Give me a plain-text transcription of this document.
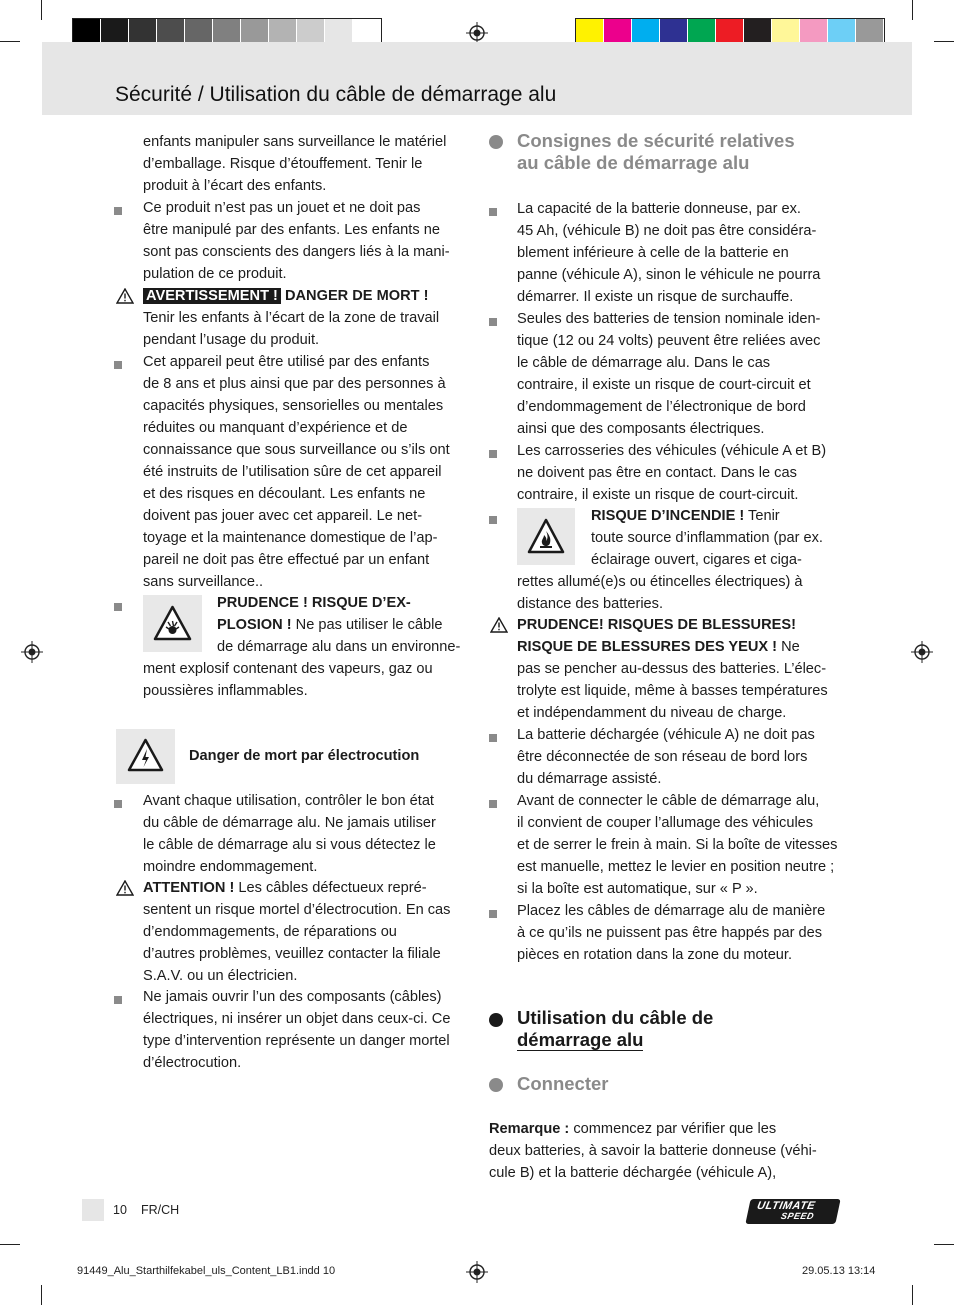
Sécurité / Utilisation du câble de démarrage alu
enfants manipuler sans surveillance le matériel
d’emballage. Risque d’étouffement. Tenir le
produit à l’écart des enfants.
Ce produit n’est pas un jouet et ne doit pas
être manipulé par des enfants. Les enfants ne
sont pas conscients des dangers liés à la mani-
pulation de ce produit.
AVERTISSEMENT ! DANGER DE MORT !
Tenir les enfants à l’écart de la zone de travail
pendant l’usage du produit.
Cet appareil peut être utilisé par des enfants
de 8 ans et plus ainsi que par des personnes à
capacités physiques, sensorielles ou mentales
réduites ou manquant d’expérience et de
connaissance que sous surveillance ou s’ils ont
été instruits de l’utilisation sûre de cet appareil
et des risques en découlant. Les enfants ne
doivent pas jouer avec cet appareil. Le net-
toyage et la maintenance domestique de l’ap-
pareil ne doit pas être effectué par un enfant
sans surveillance..
PRUDENCE ! RISQUE D’EX-
PLOSION ! Ne pas utiliser le câble
de démarrage alu dans un environne-
ment explosif contenant des vapeurs, gaz ou
poussières inflammables.
Danger de mort par électrocution
Avant chaque utilisation, contrôler le bon état
du câble de démarrage alu. Ne jamais utiliser
le câble de démarrage alu si vous détectez le
moindre endommagement.
ATTENTION ! Les câbles défectueux repré-
sentent un risque mortel d’électrocution. En cas
d’endommagements, de réparations ou
d’autres problèmes, veuillez contacter la filiale
S.A.V. ou un électricien.
Ne jamais ouvrir l’un des composants (câbles)
électriques, ni insérer un objet dans ceux-ci. Ce
type d’intervention représente un danger mortel
d’électrocution.
Consignes de sécurité relatives
au câble de démarrage alu
La capacité de la batterie donneuse, par ex.
45 Ah, (véhicule B) ne doit pas être considéra-
blement inférieure à celle de la batterie en
panne (véhicule A), sinon le véhicule ne pourra
démarrer. Il existe un risque de surchauffe.
Seules des batteries de tension nominale iden-
tique (12 ou 24 volts) peuvent être reliées avec
le câble de démarrage alu. Dans le cas
contraire, il existe un risque de court-circuit et
d’endommagement de l’électronique de bord
ainsi que des composants électriques.
Les carrosseries des véhicules (véhicule A et B)
ne doivent pas être en contact. Dans le cas
contraire, il existe un risque de court-circuit.
RISQUE D’INCENDIE ! Tenir
toute source d’inflammation (par ex.
éclairage ouvert, cigares et ciga-
rettes allumé(e)s ou étincelles électriques) à
distance des batteries.
PRUDENCE! RISQUES DE BLESSURES!
RISQUE DE BLESSURES DES YEUX ! Ne
pas se pencher au-dessus des batteries. L’élec-
trolyte est liquide, même à basses températures
et indépendamment du niveau de charge.
La batterie déchargée (véhicule A) ne doit pas
être déconnectée de son réseau de bord lors
du démarrage assisté.
Avant de connecter le câble de démarrage alu,
il convient de couper l’allumage des véhicules
et de serrer le frein à main. Si la boîte de vitesses
est manuelle, mettez le levier en position neutre ;
si la boîte est automatique, sur « P ».
Placez les câbles de démarrage alu de manière
à ce qu’ils ne puissent pas être happés par des
pièces en rotation dans la zone du moteur.
Utilisation du câble de
démarrage alu
Connecter
Remarque : commencez par vérifier que les
deux batteries, à savoir la batterie donneuse (véhi-
cule B) et la batterie déchargée (véhicule A),
10 FR/CH	ULTIMATE
SPEED
91449_Alu_Starthilfekabel_uls_Content_LB1.indd 10	29.05.13 13:14
